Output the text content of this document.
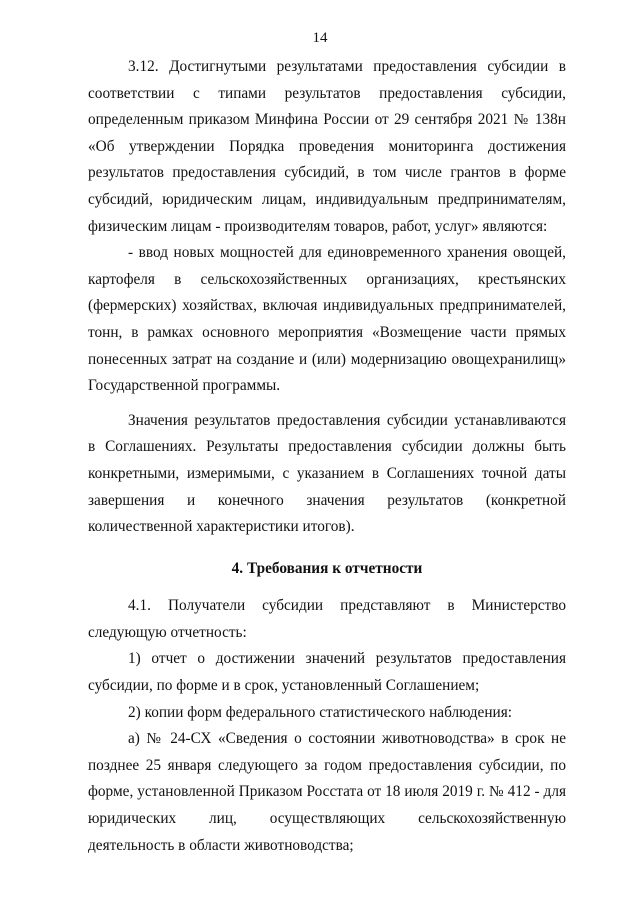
14

3.12. Достигнутыми результатами предоставления субсидии в соответствии с типами результатов предоставления субсидии, определенным приказом Минфина России от 29 сентября 2021 № 138н «Об утверждении Порядка проведения мониторинга достижения результатов предоставления субсидий, в том числе грантов в форме субсидий, юридическим лицам, индивидуальным предпринимателям, физическим лицам - производителям товаров, работ, услуг» являются:

- ввод новых мощностей для единовременного хранения овощей, картофеля в сельскохозяйственных организациях, крестьянских (фермерских) хозяйствах, включая индивидуальных предпринимателей, тонн, в рамках основного мероприятия «Возмещение части прямых понесенных затрат на создание и (или) модернизацию овощехранилищ» Государственной программы.

Значения результатов предоставления субсидии устанавливаются в Соглашениях. Результаты предоставления субсидии должны быть конкретными, измеримыми, с указанием в Соглашениях точной даты завершения и конечного значения результатов (конкретной количественной характеристики итогов).

4. Требования к отчетности

4.1. Получатели субсидии представляют в Министерство следующую отчетность:

1) отчет о достижении значений результатов предоставления субсидии, по форме и в срок, установленный Соглашением;

2) копии форм федерального статистического наблюдения:

а) № 24-СХ «Сведения о состоянии животноводства» в срок не позднее 25 января следующего за годом предоставления субсидии, по форме, установленной Приказом Росстата от 18 июля 2019 г. № 412 - для юридических лиц, осуществляющих сельскохозяйственную деятельность в области животноводства;
